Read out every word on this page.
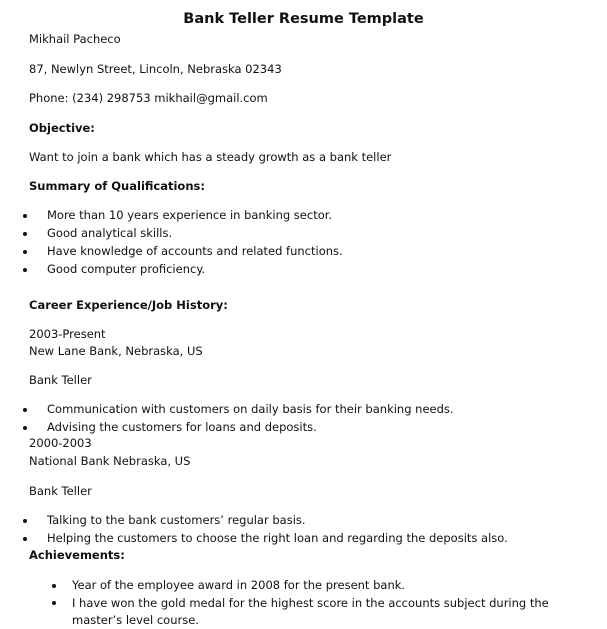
Bank Teller Resume Template
Mikhail Pacheco
87, Newlyn Street, Lincoln, Nebraska 02343
Phone: (234) 298753 mikhail@gmail.com
Objective:
Want to join a bank which has a steady growth as a bank teller
Summary of Qualifications:
More than 10 years experience in banking sector.
Good analytical skills.
Have knowledge of accounts and related functions.
Good computer proficiency.
Career Experience/Job History:
2003-Present
New Lane Bank, Nebraska, US
Bank Teller
Communication with customers on daily basis for their banking needs.
Advising the customers for loans and deposits.
2000-2003
National Bank Nebraska, US
Bank Teller
Talking to the bank customers’ regular basis.
Helping the customers to choose the right loan and regarding the deposits also.
Achievements:
Year of the employee award in 2008 for the present bank.
I have won the gold medal for the highest score in the accounts subject during the master’s level course.
